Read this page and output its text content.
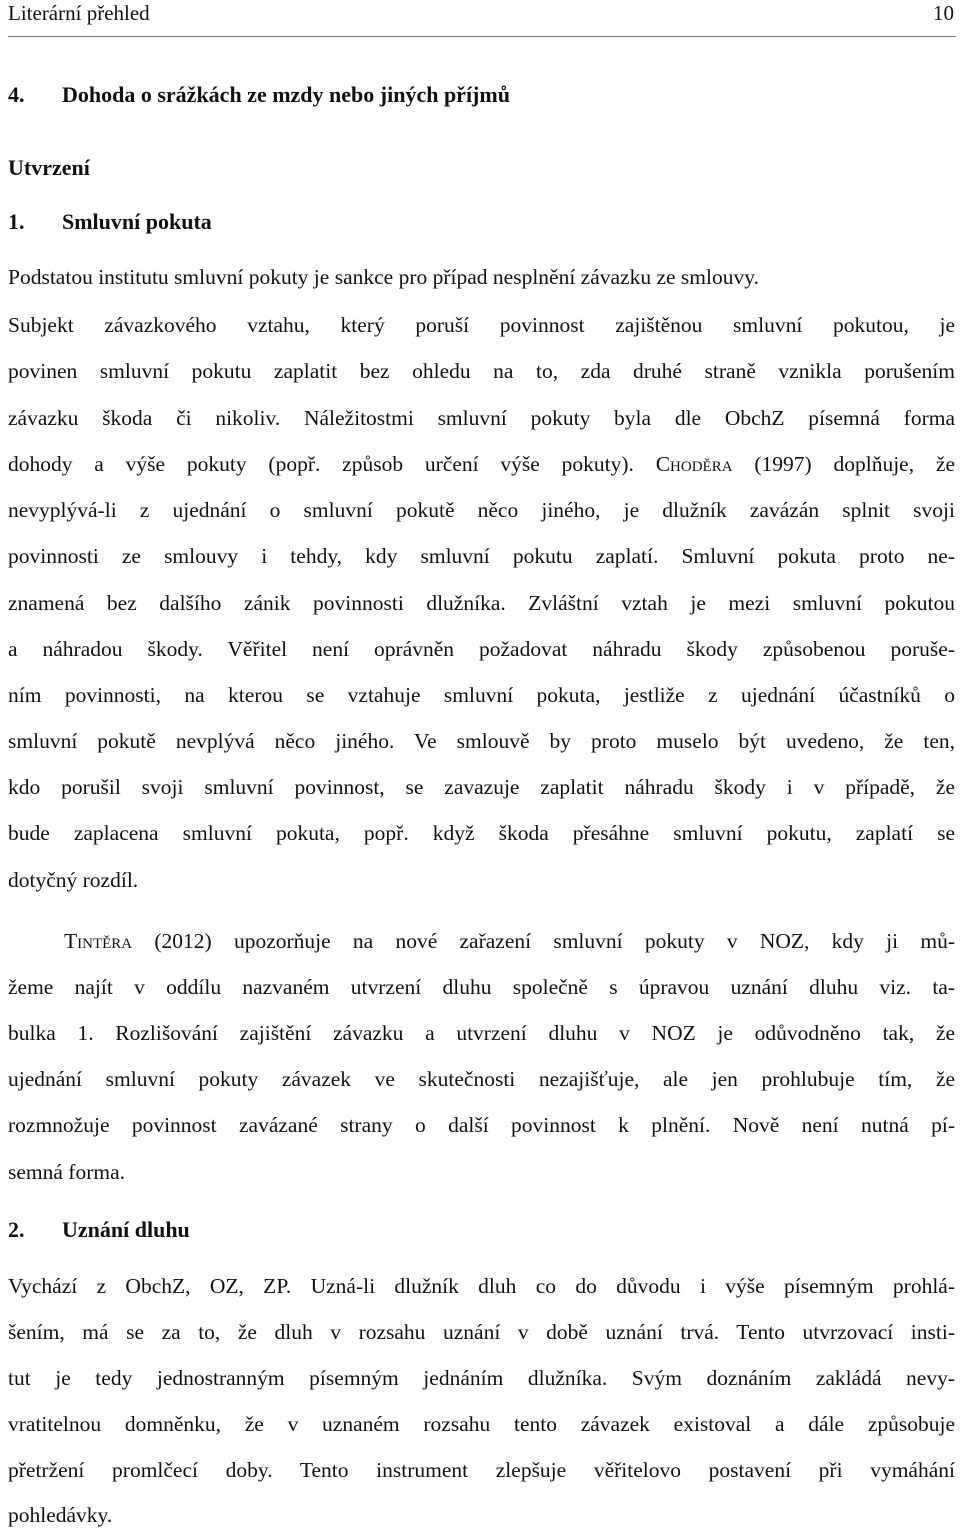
Literární přehled	10
4. Dohoda o srážkách ze mzdy nebo jiných příjmů
Utvrzení
1. Smluvní pokuta
Podstatou institutu smluvní pokuty je sankce pro případ nesplnění závazku ze smlouvy.
Subjekt závazkového vztahu, který poruší povinnost zajištěnou smluvní pokutou, je
povinen smluvní pokutu zaplatit bez ohledu na to, zda druhé straně vznikla porušením
závazku škoda či nikoliv. Náležitostmi smluvní pokuty byla dle ObchZ písemná forma
dohody a výše pokuty (popř. způsob určení výše pokuty). Choděra (1997) doplňuje, že
nevyplývá-li z ujednání o smluvní pokutě něco jiného, je dlužník zavázán splnit svoji
povinnosti ze smlouvy i tehdy, kdy smluvní pokutu zaplatí. Smluvní pokuta proto ne-
znamená bez dalšího zánik povinnosti dlužníka. Zvláštní vztah je mezi smluvní pokutou
a náhradou škody. Věřitel není oprávněn požadovat náhradu škody způsobenou poruše-
ním povinnosti, na kterou se vztahuje smluvní pokuta, jestliže z ujednání účastníků o
smluvní pokutě nevplývá něco jiného. Ve smlouvě by proto muselo být uvedeno, že ten,
kdo porušil svoji smluvní povinnost, se zavazuje zaplatit náhradu škody i v případě, že
bude zaplacena smluvní pokuta, popř. když škoda přesáhne smluvní pokutu, zaplatí se
dotyčný rozdíl.
Tintěra (2012) upozorňuje na nové zařazení smluvní pokuty v NOZ, kdy ji mů-
žeme najít v oddílu nazvaném utvrzení dluhu společně s úpravou uznání dluhu viz. ta-
bulka 1. Rozlišování zajištění závazku a utvrzení dluhu v NOZ je odůvodněno tak, že
ujednání smluvní pokuty závazek ve skutečnosti nezajišťuje, ale jen prohlubuje tím, že
rozmnožuje povinnost zavázané strany o další povinnost k plnění. Nově není nutná pí-
semná forma.
2. Uznání dluhu
Vychází z ObchZ, OZ, ZP. Uzná-li dlužník dluh co do důvodu i výše písemným prohlá-
šením, má se za to, že dluh v rozsahu uznání v době uznání trvá. Tento utvrzovací insti-
tut je tedy jednostranným písemným jednáním dlužníka. Svým doznáním zakládá nevy-
vratitelnou domněnku, že v uznaném rozsahu tento závazek existoval a dále způsobuje
přetržení promlčecí doby. Tento instrument zlepšuje věřitelovo postavení při vymáhání
pohledávky.
